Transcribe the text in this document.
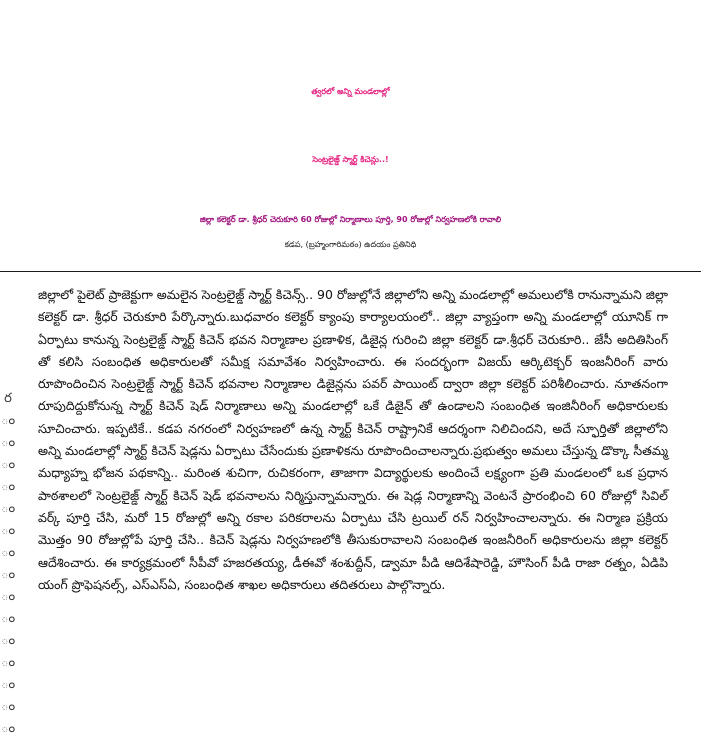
త్వరలో అన్ని మండలాల్లో
సెంట్రలైజ్డ్ స్మార్ట్ కిచెన్లు..!
జిల్లా కలెక్టర్ డా. శ్రీధర్ చెరుకూరి 60 రోజుల్లో నిర్మాణాలు పూర్తి, 90 రోజుల్లో నిర్వహణలోకి రావాలి
కడప, (బ్రహ్మంగారిమఠం) ఉదయం ప్రతినిధి
ర
ం
ం
ం
ం
ం
ం
ం
ం
ం
ం
ం
ం
ం
ం
ం

జిల్లాలో పైలెట్ ప్రాజెక్టుగా అమలైన సెంట్రలైజ్డ్ స్మార్ట్ కిచెన్స్.. 90 రోజుల్లోనే జిల్లాలోని అన్ని మండలాల్లో అమలులోకి రానున్నామని జిల్లా కలెక్టర్ డా. శ్రీధర్ చెరుకూరి పేర్కొన్నారు.బుధవారం కలెక్టర్ క్యాంపు కార్యాలయంలో.. జిల్లా వ్యాప్తంగా అన్ని మండలాల్లో యూనిక్ గా ఏర్పాటు కానున్న సెంట్రలైజ్డ్ స్మార్ట్ కిచెన్ భవన నిర్మాణాల ప్రణాళిక, డిజైన్ల గురించి జిల్లా కలెక్టర్ డా.శ్రీధర్ చెరుకూరి.. జేసీ అదితిసింగ్ తో కలిసి సంబంధిత అధికారులతో సమీక్ష సమావేశం నిర్వహించారు. ఈ సందర్భంగా విజయ్ ఆర్కిటెక్చర్ ఇంజనీరింగ్ వారు రూపొందించిన సెంట్రలైజ్డ్ స్మార్ట్ కిచెన్ భవనాల నిర్మాణాల డిజైన్లను పవర్ పాయింట్ ద్వారా జిల్లా కలెక్టర్ పరిశీలించారు. నూతనంగా రూపుదిద్దుకోనున్న స్మార్ట్ కిచెన్ షెడ్ నిర్మాణాలు అన్ని మండలాల్లో ఒకే డిజైన్ తో ఉండాలని సంబంధిత ఇంజినీరింగ్ అధికారులకు సూచించారు. ఇప్పటికే.. కడప నగరంలో నిర్వహణలో ఉన్న స్మార్ట్ కిచెన్ రాష్ట్రానికే ఆదర్శంగా నిలిచిందని, అదే స్ఫూర్తితో జిల్లాలోని అన్ని మండలాల్లో స్మార్ట్ కిచెన్ షెడ్లను ఏర్పాటు చేసేందుకు ప్రణాళికను రూపొందించాలన్నారు.ప్రభుత్వం అమలు చేస్తున్న డొక్కా సీతమ్మ మధ్యాహ్న భోజన పథకాన్ని.. మరింత శుచిగా, రుచికరంగా, తాజాగా విద్యార్థులకు అందించే లక్ష్యంగా ప్రతి మండలంలో ఒక ప్రధాన పాఠశాలలో సెంట్రలైజ్డ్ స్మార్ట్ కిచెన్ షెడ్ భవనాలను నిర్మిస్తున్నామన్నారు. ఈ షెడ్ల నిర్మాణాన్ని వెంటనే ప్రారంభించి 60 రోజుల్లో సివిల్ వర్క్ పూర్తి చేసి, మరో 15 రోజుల్లో అన్ని రకాల పరికరాలను ఏర్పాటు చేసి ట్రయిల్ రన్ నిర్వహించాలన్నారు. ఈ నిర్మాణ ప్రక్రియ మొత్తం 90 రోజుల్లోపే పూర్తి చేసి.. కిచెన్ షెడ్లను నిర్వహణలోకి తీసుకురావాలని సంబంధిత ఇంజనీరింగ్ అధికారులను జిల్లా కలెక్టర్ ఆదేశించారు. ఈ కార్యక్రమంలో సీపీవో హజరతయ్య, డీఈవో శంశుద్దీన్, డ్వామా పీడి ఆదిశేషారెడ్డి, హౌసింగ్ పీడి రాజా రత్నం, ఏడిపి యంగ్ ప్రొఫెషనల్స్, ఎస్ఎస్ఏ, సంబంధిత శాఖల అధికారులు తదితరులు పాల్గొన్నారు.
